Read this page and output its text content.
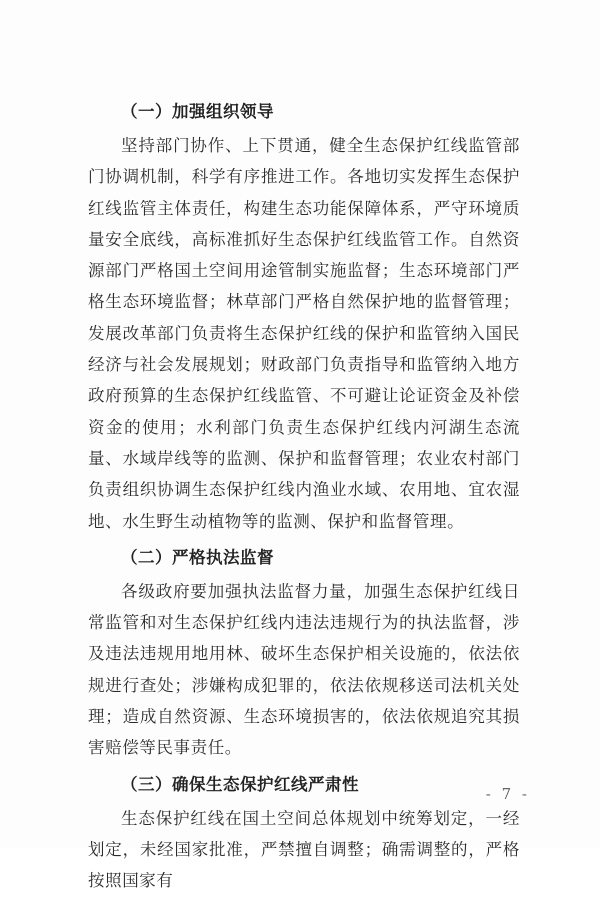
（一）加强组织领导

坚持部门协作、上下贯通，健全生态保护红线监管部门协调机制，科学有序推进工作。各地切实发挥生态保护红线监管主体责任，构建生态功能保障体系，严守环境质量安全底线，高标准抓好生态保护红线监管工作。自然资源部门严格国土空间用途管制实施监督；生态环境部门严格生态环境监督；林草部门严格自然保护地的监督管理；发展改革部门负责将生态保护红线的保护和监管纳入国民经济与社会发展规划；财政部门负责指导和监管纳入地方政府预算的生态保护红线监管、不可避让论证资金及补偿资金的使用；水利部门负责生态保护红线内河湖生态流量、水域岸线等的监测、保护和监督管理；农业农村部门负责组织协调生态保护红线内渔业水域、农用地、宜农湿地、水生野生动植物等的监测、保护和监督管理。

（二）严格执法监督

各级政府要加强执法监督力量，加强生态保护红线日常监管和对生态保护红线内违法违规行为的执法监督，涉及违法违规用地用林、破坏生态保护相关设施的，依法依规进行查处；涉嫌构成犯罪的，依法依规移送司法机关处理；造成自然资源、生态环境损害的，依法依规追究其损害赔偿等民事责任。

（三）确保生态保护红线严肃性

生态保护红线在国土空间总体规划中统筹划定，一经划定，未经国家批准，严禁擅自调整；确需调整的，严格按照国家有

- 7 -
